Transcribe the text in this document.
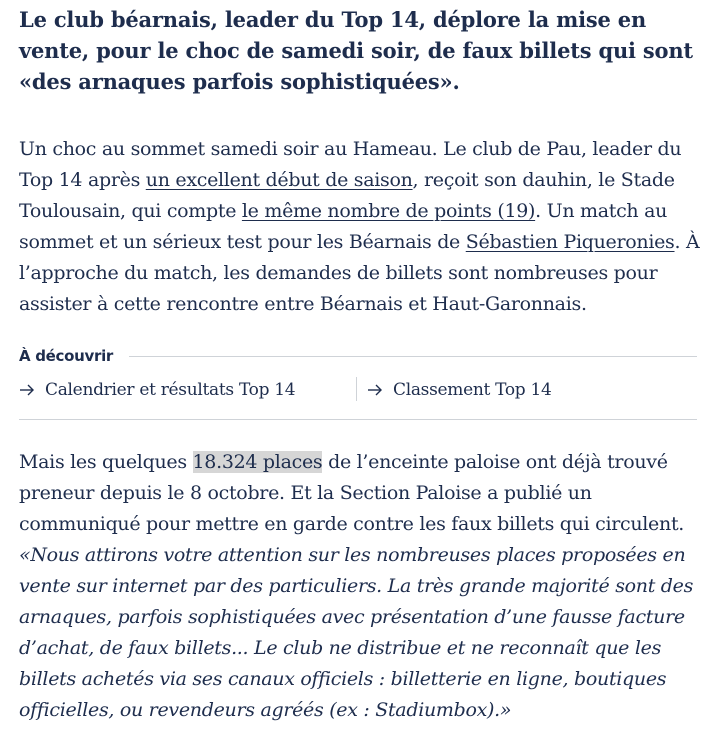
Le club béarnais, leader du Top 14, déplore la mise en vente, pour le choc de samedi soir, de faux billets qui sont «des arnaques parfois sophistiquées».

Un choc au sommet samedi soir au Hameau. Le club de Pau, leader du Top 14 après un excellent début de saison, reçoit son dauhin, le Stade Toulousain, qui compte le même nombre de points (19). Un match au sommet et un sérieux test pour les Béarnais de Sébastien Piqueronies. À l’approche du match, les demandes de billets sont nombreuses pour assister à cette rencontre entre Béarnais et Haut-Garonnais.

À découvrir
Calendrier et résultats Top 14	Classement Top 14

Mais les quelques 18.324 places de l’enceinte paloise ont déjà trouvé preneur depuis le 8 octobre. Et la Section Paloise a publié un communiqué pour mettre en garde contre les faux billets qui circulent. «Nous attirons votre attention sur les nombreuses places proposées en vente sur internet par des particuliers. La très grande majorité sont des arnaques, parfois sophistiquées avec présentation d’une fausse facture d’achat, de faux billets... Le club ne distribue et ne reconnaît que les billets achetés via ses canaux officiels : billetterie en ligne, boutiques officielles, ou revendeurs agréés (ex : Stadiumbox).»
